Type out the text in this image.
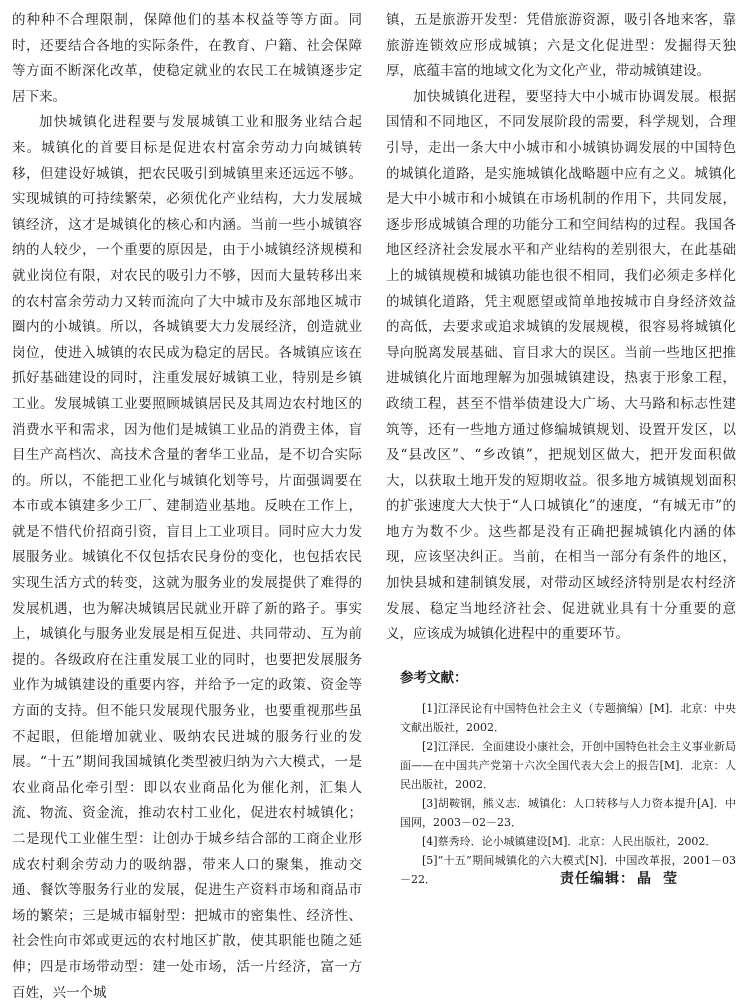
的种种不合理限制，保障他们的基本权益等等方面。同时，还要结合各地的实际条件，在教育、户籍、社会保障等方面不断深化改革，使稳定就业的农民工在城镇逐步定居下来。

加快城镇化进程要与发展城镇工业和服务业结合起来。城镇化的首要目标是促进农村富余劳动力向城镇转移，但建设好城镇，把农民吸引到城镇里来还远远不够。实现城镇的可持续繁荣，必须优化产业结构，大力发展城镇经济，这才是城镇化的核心和内涵。当前一些小城镇容纳的人较少，一个重要的原因是，由于小城镇经济规模和就业岗位有限，对农民的吸引力不够，因而大量转移出来的农村富余劳动力又转而流向了大中城市及东部地区城市圈内的小城镇。所以，各城镇要大力发展经济，创造就业岗位，使进入城镇的农民成为稳定的居民。各城镇应该在抓好基础建设的同时，注重发展好城镇工业，特别是乡镇工业。发展城镇工业要照顾城镇居民及其周边农村地区的消费水平和需求，因为他们是城镇工业品的消费主体，盲目生产高档次、高技术含量的奢华工业品，是不切合实际的。所以，不能把工业化与城镇化划等号，片面强调要在本市或本镇建多少工厂、建制造业基地。反映在工作上，就是不惜代价招商引资，盲目上工业项目。同时应大力发展服务业。城镇化不仅包括农民身份的变化，也包括农民实现生活方式的转变，这就为服务业的发展提供了难得的发展机遇，也为解决城镇居民就业开辟了新的路子。事实上，城镇化与服务业发展是相互促进、共同带动、互为前提的。各级政府在注重发展工业的同时，也要把发展服务业作为城镇建设的重要内容，并给予一定的政策、资金等方面的支持。但不能只发展现代服务业，也要重视那些虽不起眼，但能增加就业、吸纳农民进城的服务行业的发展。“十五”期间我国城镇化类型被归纳为六大模式，一是农业商品化牵引型：即以农业商品化为催化剂，汇集人流、物流、资金流，推动农村工业化，促进农村城镇化；二是现代工业催生型：让创办于城乡结合部的工商企业形成农村剩余劳动力的吸纳器，带来人口的聚集，推动交通、餐饮等服务行业的发展，促进生产资料市场和商品市场的繁荣；三是城市辐射型：把城市的密集性、经济性、社会性向市郊或更远的农村地区扩散，使其职能也随之延伸；四是市场带动型：建一处市场，活一片经济，富一方百姓，兴一个城

镇，五是旅游开发型：凭借旅游资源，吸引各地来客，靠旅游连锁效应形成城镇；六是文化促进型：发掘得天独厚，底蕴丰富的地域文化为文化产业，带动城镇建设。

加快城镇化进程，要坚持大中小城市协调发展。根据国情和不同地区，不同发展阶段的需要，科学规划，合理引导，走出一条大中小城市和小城镇协调发展的中国特色的城镇化道路，是实施城镇化战略题中应有之义。城镇化是大中小城市和小城镇在市场机制的作用下，共同发展，逐步形成城镇合理的功能分工和空间结构的过程。我国各地区经济社会发展水平和产业结构的差别很大，在此基础上的城镇规模和城镇功能也很不相同，我们必须走多样化的城镇化道路，凭主观愿望或简单地按城市自身经济效益的高低，去要求或追求城镇的发展规模，很容易将城镇化导向脱离发展基础、盲目求大的误区。当前一些地区把推进城镇化片面地理解为加强城镇建设，热衷于形象工程，政绩工程，甚至不惜举债建设大广场、大马路和标志性建筑等，还有一些地方通过修编城镇规划、设置开发区，以及“县改区”、“乡改镇”，把规划区做大，把开发面积做大，以获取土地开发的短期收益。很多地方城镇规划面积的扩张速度大大快于“人口城镇化”的速度，“有城无市”的地方为数不少。这些都是没有正确把握城镇化内涵的体现，应该坚决纠正。当前，在相当一部分有条件的地区，加快县城和建制镇发展，对带动区域经济特别是农村经济发展、稳定当地经济社会、促进就业具有十分重要的意义，应该成为城镇化进程中的重要环节。

参考文献：

[1]江泽民论有中国特色社会主义（专题摘编）[M]．北京：中央文献出版社，2002．

[2]江泽民．全面建设小康社会，开创中国特色社会主义事业新局面——在中国共产党第十六次全国代表大会上的报告[M]．北京：人民出版社，2002．

[3]胡鞍钢，熊义志．城镇化：人口转移与人力资本提升[A]．中国网，2003－02－23．

[4]蔡秀玲．论小城镇建设[M]．北京：人民出版社，2002．

[5]“十五”期间城镇化的六大模式[N]．中国改革报，2001－03－22．	责任编辑： 晶莹
